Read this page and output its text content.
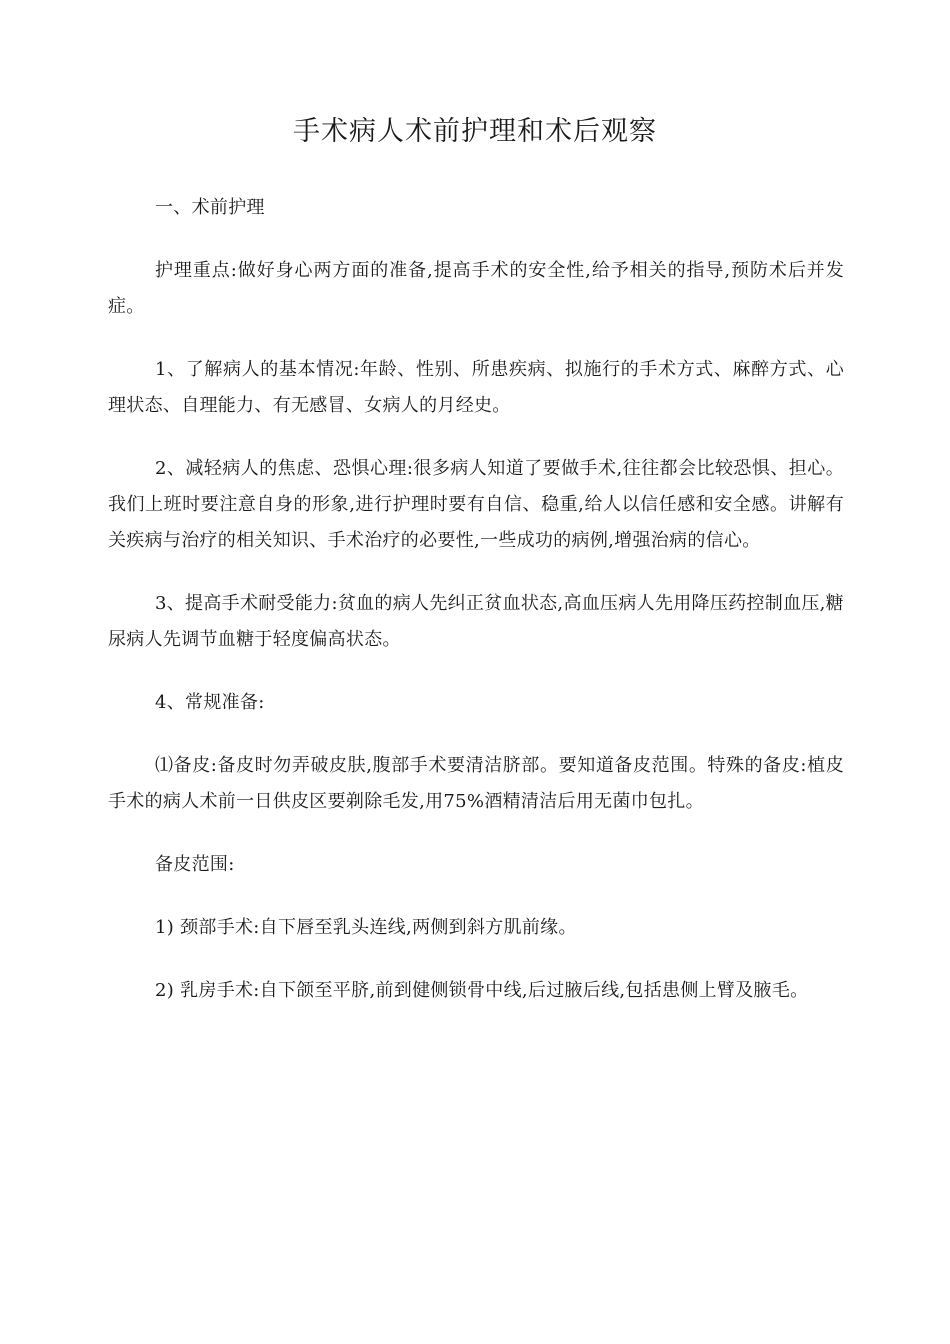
手术病人术前护理和术后观察

一、术前护理

护理重点:做好身心两方面的准备,提高手术的安全性,给予相关的指导,预防术后并发症。

1、了解病人的基本情况:年龄、性别、所患疾病、拟施行的手术方式、麻醉方式、心理状态、自理能力、有无感冒、女病人的月经史。

2、减轻病人的焦虑、恐惧心理:很多病人知道了要做手术,往往都会比较恐惧、担心。我们上班时要注意自身的形象,进行护理时要有自信、稳重,给人以信任感和安全感。讲解有关疾病与治疗的相关知识、手术治疗的必要性,一些成功的病例,增强治病的信心。

3、提高手术耐受能力:贫血的病人先纠正贫血状态,高血压病人先用降压药控制血压,糖尿病人先调节血糖于轻度偏高状态。

4、常规准备:

⑴备皮:备皮时勿弄破皮肤,腹部手术要清洁脐部。要知道备皮范围。特殊的备皮:植皮手术的病人术前一日供皮区要剃除毛发,用75%酒精清洁后用无菌巾包扎。

备皮范围:

1) 颈部手术:自下唇至乳头连线,两侧到斜方肌前缘。

2) 乳房手术:自下颌至平脐,前到健侧锁骨中线,后过腋后线,包括患侧上臂及腋毛。
